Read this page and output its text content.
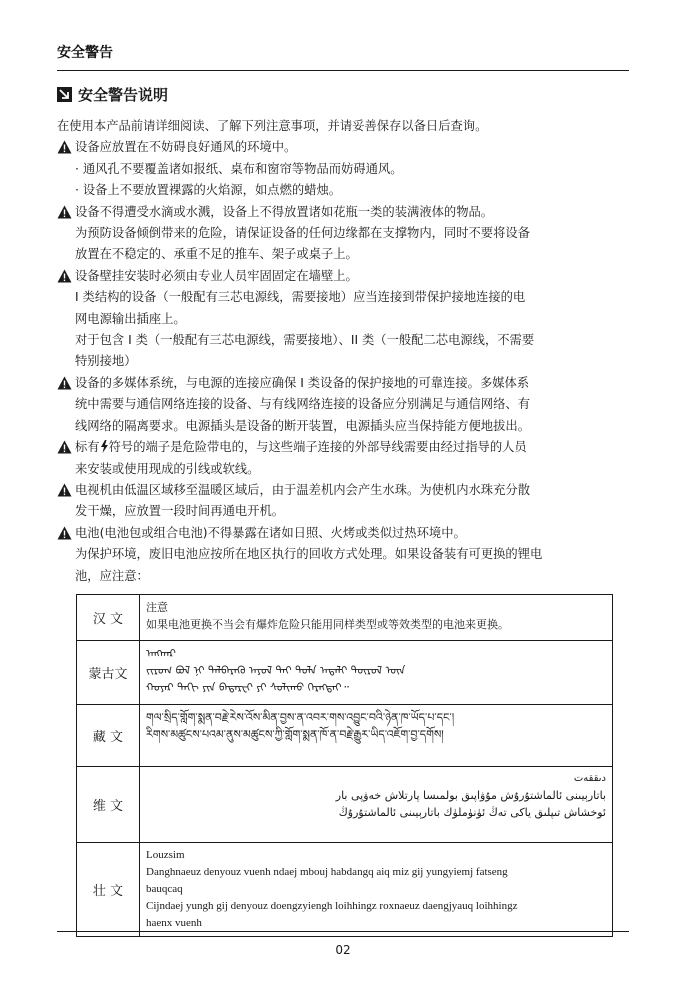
安全警告
安全警告说明

在使用本产品前请详细阅读、了解下列注意事项，并请妥善保存以备日后查询。

设备应放置在不妨碍良好通风的环境中。

· 通风孔不要覆盖诸如报纸、桌布和窗帘等物品而妨碍通风。

· 设备上不要放置裸露的火焰源，如点燃的蜡烛。

设备不得遭受水滴或水溅，设备上不得放置诸如花瓶一类的装满液体的物品。

为预防设备倾倒带来的危险，请保证设备的任何边缘都在支撑物内，同时不要将设备

放置在不稳定的、承重不足的推车、架子或桌子上。

设备壁挂安装时必须由专业人员牢固固定在墙壁上。

I 类结构的设备（一般配有三芯电源线，需要接地）应当连接到带保护接地连接的电

网电源输出插座上。

对于包含 I 类（一般配有三芯电源线，需要接地）、II 类（一般配二芯电源线，不需要

特别接地）

设备的多媒体系统，与电源的连接应确保 I 类设备的保护接地的可靠连接。多媒体系

统中需要与通信网络连接的设备、与有线网络连接的设备应分别满足与通信网络、有

线网络的隔离要求。电源插头是设备的断开装置，电源插头应当保持能方便地拔出。

标有 符号的端子是危险带电的，与这些端子连接的外部导线需要由经过指导的人员

来安装或使用现成的引线或软线。

电视机由低温区域移至温暖区域后，由于温差机内会产生水珠。为使机内水珠充分散

发干燥，应放置一段时间再通电开机。

电池(电池包或组合电池)不得暴露在诸如日照、火烤或类似过热环境中。

为保护环境，废旧电池应按所在地区执行的回收方式处理。如果设备装有可更换的锂电

池，应注意：

汉 文	注意
如果电池更换不当会有爆炸危险只能用同样类型或等效类型的电池来更换。

蒙古文	ᠠᠩᠬᠠᠷ
ᠵᠢᠷᠤᠭ ᠪᠣᠯ ᠨᠢ ᠳᠡᠯᠪᠡᠷᠡᠬᠦ ᠠᠶᠤᠯ ᠲᠠᠢ ᠲᠤᠯᠠ ᠠᠳᠠᠯᠢ ᠲᠦᠷᠦᠯ ᠦᠨ
ᠬᠣᠶᠠᠷ ᠳᠠᠬᠢ ᠶᠢᠨ ᠪᠠᠲᠠᠷᠧᠢ ᠶᠢ ᠰᠣᠯᠢᠬᠤ ᠬᠡᠷᠡᠭᠲᠡᠢ᠃

藏 文	གལ་སྲིད་གློག་སྨན་བརྗེ་རེས་འོས་མིན་བྱས་ན་འབར་གས་འབྱུང་བའི་ཉེན་ཁ་ཡོད་པ་དང་།
རིགས་མཚུངས་པའམ་ནུས་མཚུངས་ཀྱི་གློག་སྨན་ཁོ་ན་བརྗེ་རྒྱུར་ཡིད་འཇོག་བྱ་དགོས།

维 文	دىققەت
باتارېيىنى ئالماشتۇرۇش مۇۋاپىق بولمىسا پارتلاش خەۋپى بار
ئوخشاش تىپلىق ياكى تەڭ ئۈنۈملۈك باتارېيىنى ئالماشتۇرۇڭ

壮 文	Louzsim
Danghnaeuz denyouz vuenh ndaej mbouj habdangq aiq miz gij yungyiemj fatseng
bauqcaq
Cijndaej yungh gij denyouz doengzyiengh loihhingz roxnaeuz daengjyauq loihhingz
haenx vuenh
02
